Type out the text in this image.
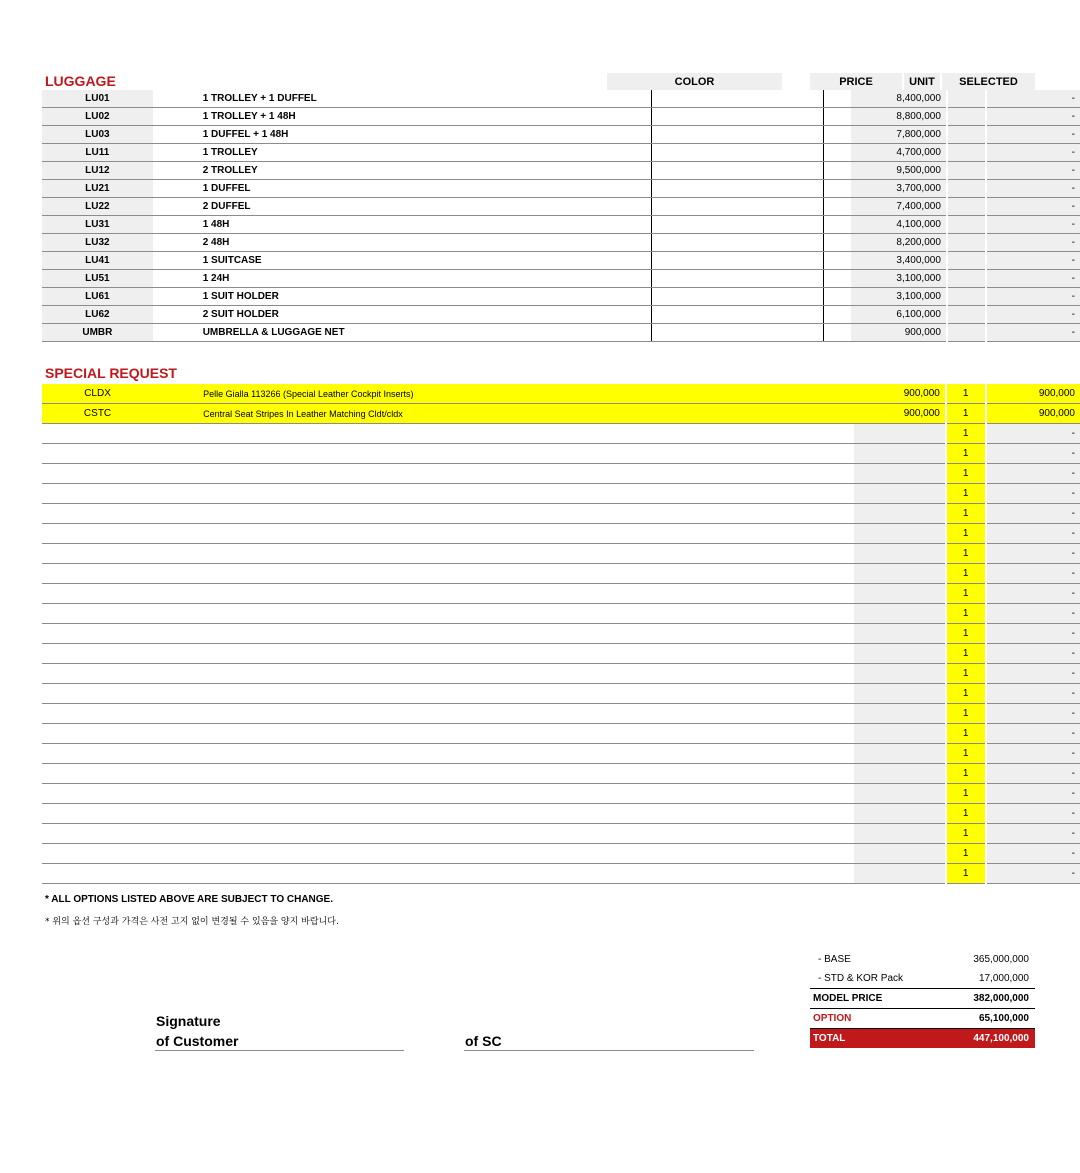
LUGGAGE	COLOR	PRICE	UNIT	SELECTED
LU01	1 TROLLEY + 1 DUFFEL			8,400,000		-
LU02	1 TROLLEY + 1 48H			8,800,000		-
LU03	1 DUFFEL + 1 48H			7,800,000		-
LU11	1 TROLLEY			4,700,000		-
LU12	2 TROLLEY			9,500,000		-
LU21	1 DUFFEL			3,700,000		-
LU22	2 DUFFEL			7,400,000		-
LU31	1 48H			4,100,000		-
LU32	2 48H			8,200,000		-
LU41	1 SUITCASE			3,400,000		-
LU51	1 24H			3,100,000		-
LU61	1 SUIT HOLDER			3,100,000		-
LU62	2 SUIT HOLDER			6,100,000		-
UMBR	UMBRELLA & LUGGAGE NET			900,000		-
SPECIAL REQUEST
CLDX	Pelle Gialla 113266 (Special Leather Cockpit Inserts)	900,000	1	900,000
CSTC	Central Seat Stripes In Leather Matching Cldt/cldx	900,000	1	900,000
			1	-
			1	-
			1	-
			1	-
			1	-
			1	-
			1	-
			1	-
			1	-
			1	-
			1	-
			1	-
			1	-
			1	-
			1	-
			1	-
			1	-
			1	-
			1	-
			1	-
			1	-
			1	-
			1	-
* ALL OPTIONS LISTED ABOVE ARE SUBJECT TO CHANGE.
* 위의 옵션 구성과 가격은 사전 고지 없이 변경될 수 있음을 양지 바랍니다.
Signature
of Customer	of SC
- BASE	365,000,000
- STD & KOR Pack	17,000,000
MODEL PRICE	382,000,000
OPTION	65,100,000
TOTAL	447,100,000
